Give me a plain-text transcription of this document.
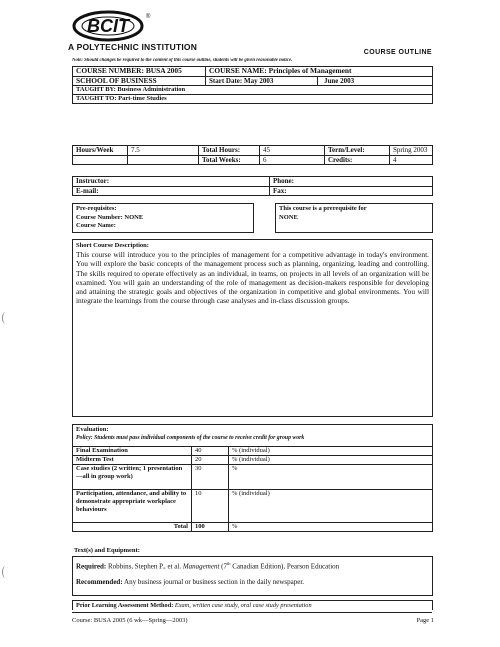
BCIT	®
A POLYTECHNIC INSTITUTION
COURSE OUTLINE
Note: Should changes be required to the content of this course outline, students will be given reasonable notice.
COURSE NUMBER: BUSA 2005	COURSE NAME: Principles of Management	
SCHOOL OF BUSINESS	Start Date: May 2003	June 2003
TAUGHT BY: Business Administration		
TAUGHT TO: Part-time Studies		
Hours/Week	7.5	Total Hours:	45	Term/Level:	Spring 2003
		Total Weeks:	6	Credits:	4
Instructor:	Phone:
E-mail:	Fax:
Pre-requisites:
Course Number: NONE
Course Name:
This course is a prerequisite for
NONE
Short Course Description:
This course will introduce you to the principles of management for a competitive advantage in today's environment. You will explore the basic concepts of the management process such as planning, organizing, leading and controlling. The skills required to operate effectively as an individual, in teams, on projects in all levels of an organization will be examined. You will gain an understanding of the role of management as decision-makers responsible for developing and attaining the strategic goals and objectives of the organization in competitive and global environments. You will integrate the learnings from the course through case analyses and in-class discussion groups.
Evaluation:
Policy: Students must pass individual components of the course to receive credit for group work
Final Examination	40	% (individual)
Midterm Test	20	% (individual)
Case studies (2 written; 1 presentation—all in group work)	30	%
Participation, attendance, and ability to demonstrate appropriate workplace behaviours	10	% (individual)
Total	100	%
Text(s) and Equipment:
Required: Robbins, Stephen P., et al. Management (7th Canadian Edition), Pearson Education
Recommended: Any business journal or business section in the daily newspaper.
Prior Learning Assessment Method: Exam, written case study, oral case study presentation
Course: BUSA 2005 (6 wk—Spring—2003)	Page 1
